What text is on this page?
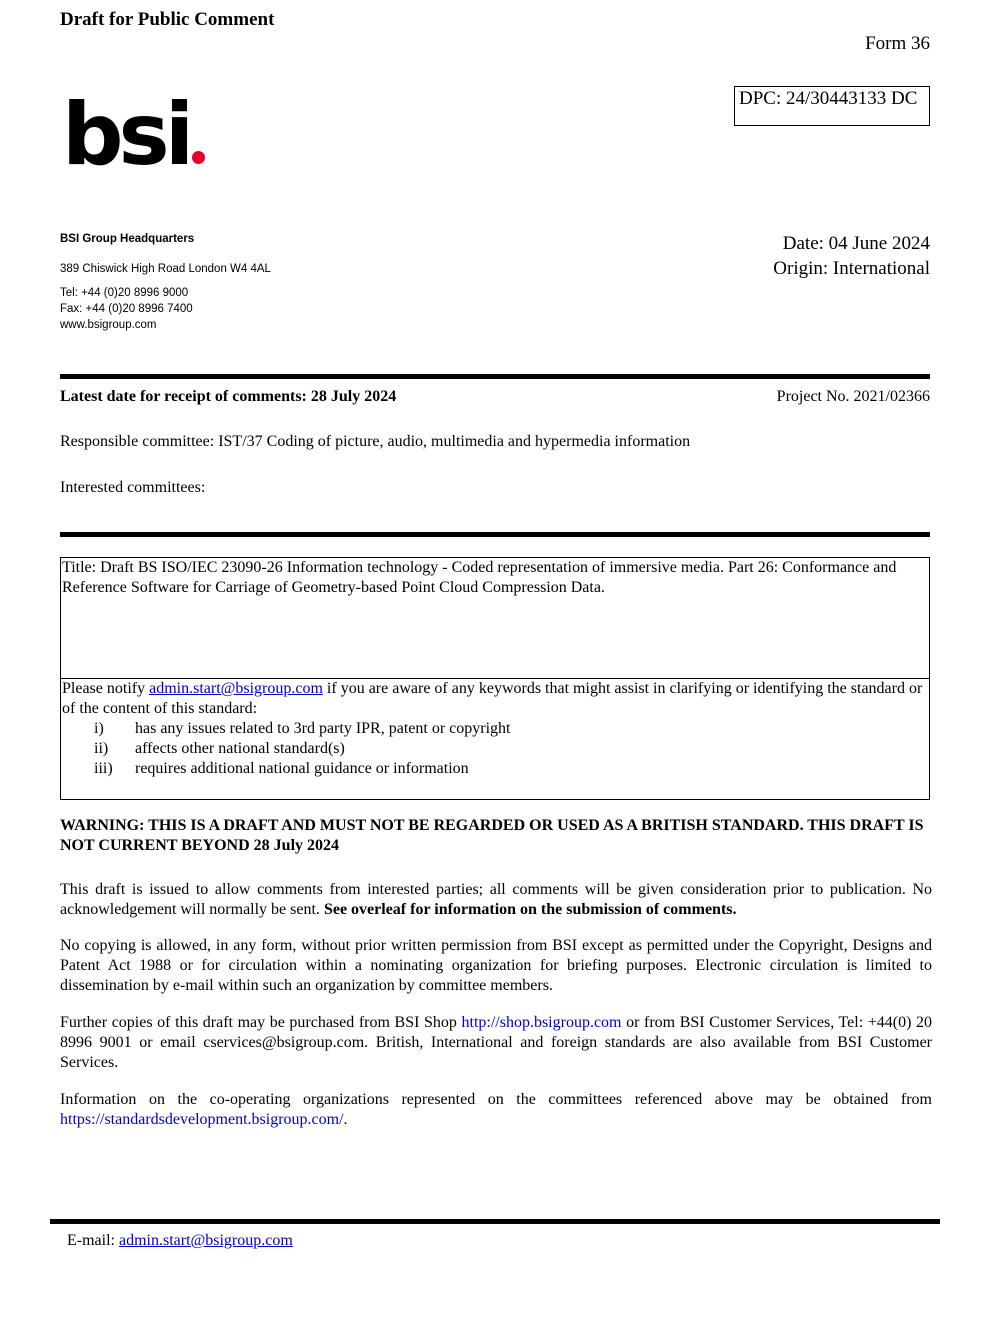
Draft for Public Comment
Form 36
DPC: 24/30443133 DC
bsi
BSI Group Headquarters
389 Chiswick High Road London W4 4AL
Tel: +44 (0)20 8996 9000
Fax: +44 (0)20 8996 7400
www.bsigroup.com
Date: 04 June 2024
Origin: International
Latest date for receipt of comments: 28 July 2024	Project No. 2021/02366
Responsible committee: IST/37 Coding of picture, audio, multimedia and hypermedia information
Interested committees:
Title: Draft BS ISO/IEC 23090-26 Information technology - Coded representation of immersive media. Part 26: Conformance and Reference Software for Carriage of Geometry-based Point Cloud Compression Data.
Please notify admin.start@bsigroup.com if you are aware of any keywords that might assist in clarifying or identifying the standard or of the content of this standard:
i)	has any issues related to 3rd party IPR, patent or copyright
ii)	affects other national standard(s)
iii)	requires additional national guidance or information
WARNING: THIS IS A DRAFT AND MUST NOT BE REGARDED OR USED AS A BRITISH STANDARD. THIS DRAFT IS NOT CURRENT BEYOND 28 July 2024
This draft is issued to allow comments from interested parties; all comments will be given consideration prior to publication. No acknowledgement will normally be sent. See overleaf for information on the submission of comments.
No copying is allowed, in any form, without prior written permission from BSI except as permitted under the Copyright, Designs and Patent Act 1988 or for circulation within a nominating organization for briefing purposes. Electronic circulation is limited to dissemination by e-mail within such an organization by committee members.
Further copies of this draft may be purchased from BSI Shop http://shop.bsigroup.com or from BSI Customer Services, Tel: +44(0) 20 8996 9001 or email cservices@bsigroup.com. British, International and foreign standards are also available from BSI Customer Services.
Information on the co-operating organizations represented on the committees referenced above may be obtained from https://standardsdevelopment.bsigroup.com/.
E-mail: admin.start@bsigroup.com
